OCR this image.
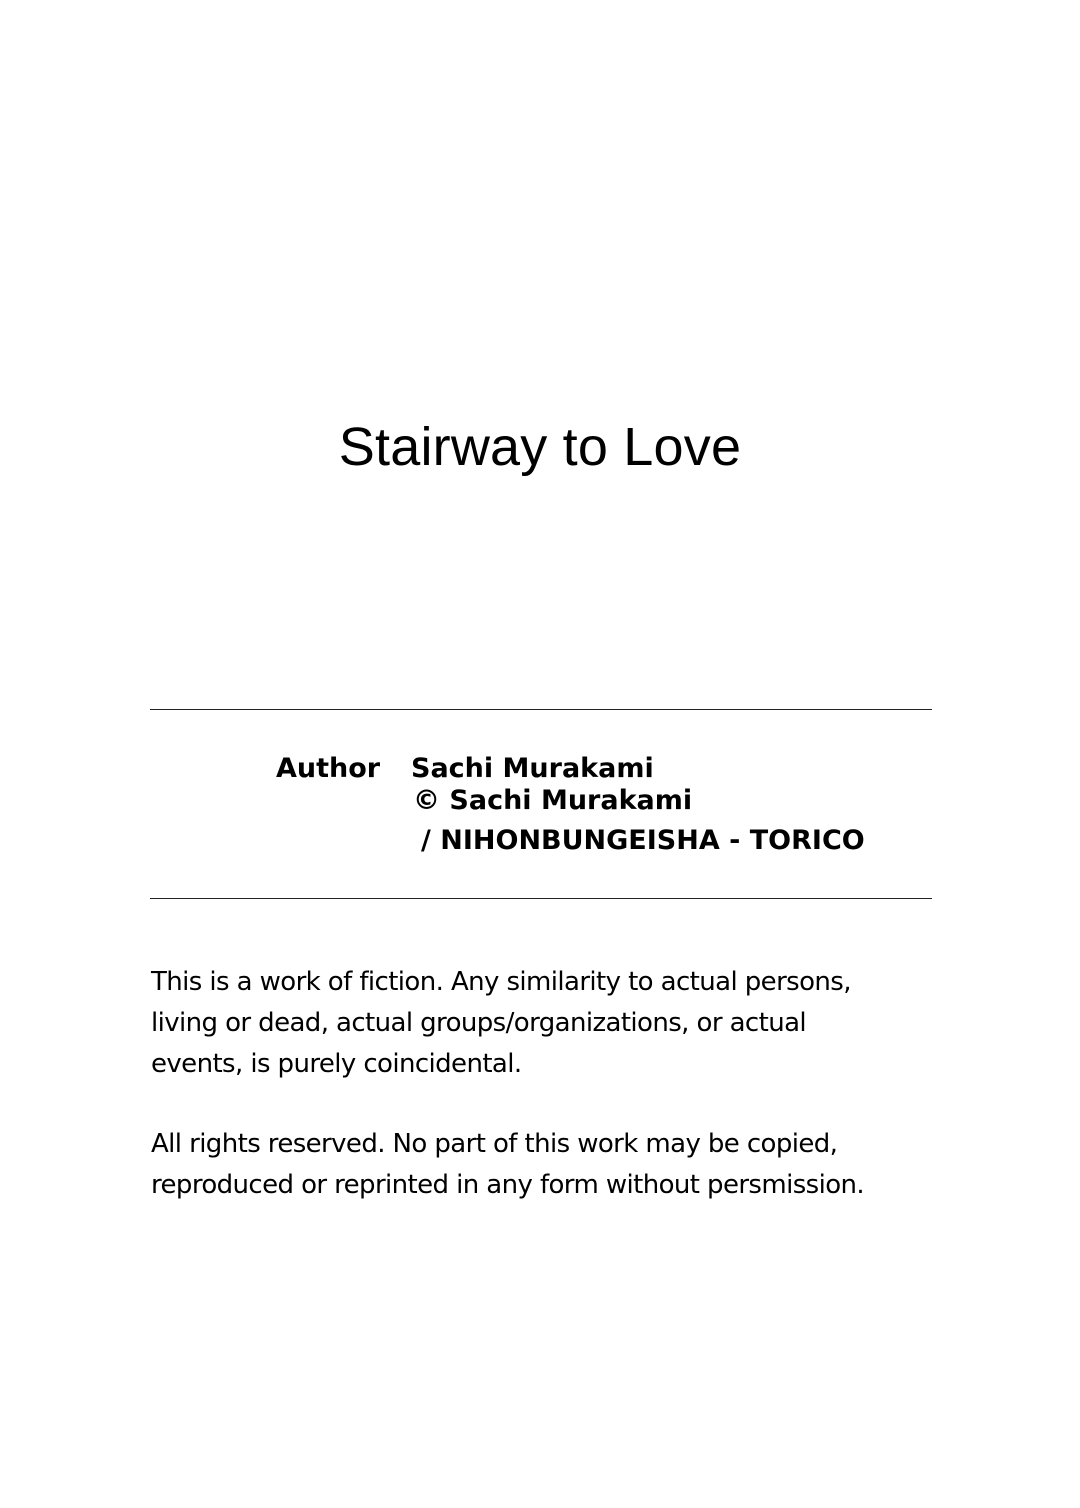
Stairway to Love
Author Sachi Murakami
© Sachi Murakami
/ NIHONBUNGEISHA - TORICO

This is a work of fiction. Any similarity to actual persons,

living or dead, actual groups/organizations, or actual

events, is purely coincidental.

All rights reserved. No part of this work may be copied,

reproduced or reprinted in any form without persmission.
